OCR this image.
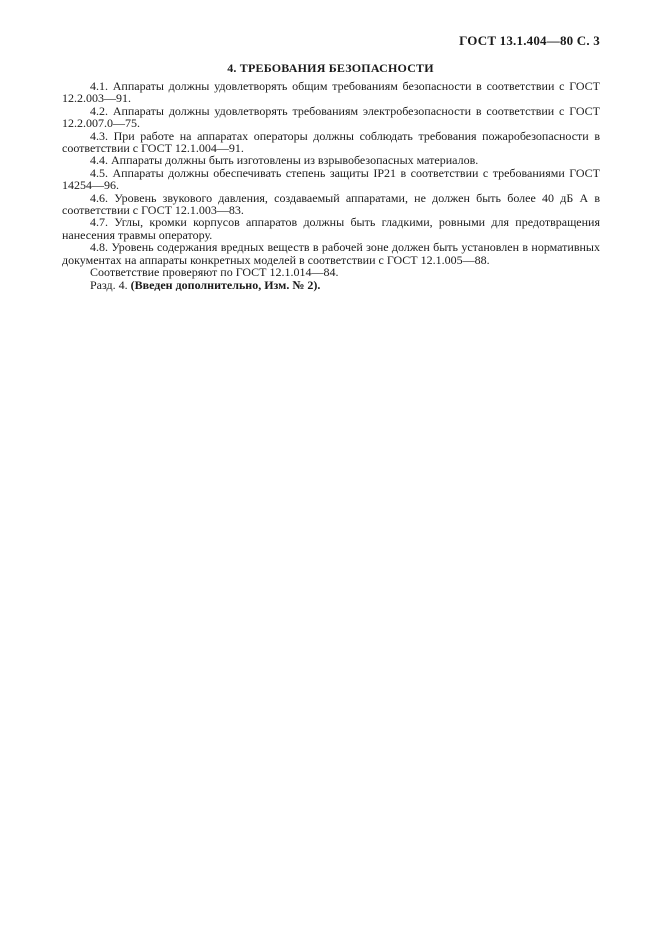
ГОСТ 13.1.404—80 С. 3
4. ТРЕБОВАНИЯ БЕЗОПАСНОСТИ

4.1. Аппараты должны удовлетворять общим требованиям безопасности в соответствии с ГОСТ 12.2.003—91.

4.2. Аппараты должны удовлетворять требованиям электробезопасности в соответствии с ГОСТ 12.2.007.0—75.

4.3. При работе на аппаратах операторы должны соблюдать требования пожаробезопасности в соответствии с ГОСТ 12.1.004—91.

4.4. Аппараты должны быть изготовлены из взрывобезопасных материалов.

4.5. Аппараты должны обеспечивать степень защиты IP21 в соответствии с требованиями ГОСТ 14254—96.

4.6. Уровень звукового давления, создаваемый аппаратами, не должен быть более 40 дБ А в соответствии с ГОСТ 12.1.003—83.

4.7. Углы, кромки корпусов аппаратов должны быть гладкими, ровными для предотвращения нанесения травмы оператору.

4.8. Уровень содержания вредных веществ в рабочей зоне должен быть установлен в нормативных документах на аппараты конкретных моделей в соответствии с ГОСТ 12.1.005—88.

Соответствие проверяют по ГОСТ 12.1.014—84.

Разд. 4. (Введен дополнительно, Изм. № 2).
